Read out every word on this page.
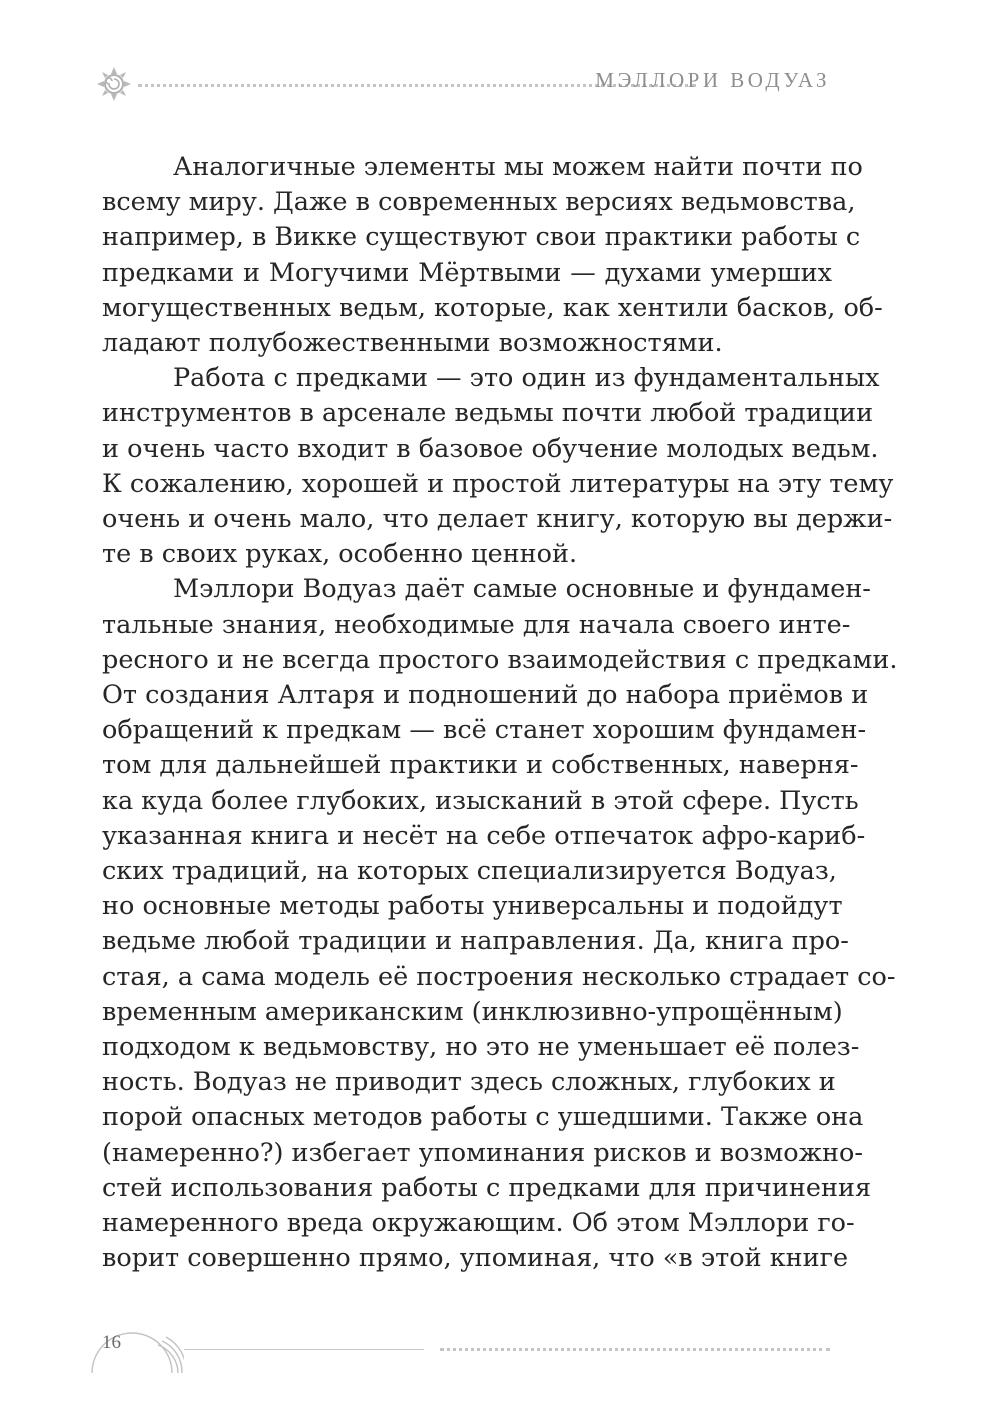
МЭЛЛОРИ ВОДУАЗ

Аналогичные элементы мы можем найти почти по
всему миру. Даже в современных версиях ведьмовства,
например, в Викке существуют свои практики работы с
предками и Могучими Мёртвыми — духами умерших
могущественных ведьм, которые, как хентили басков, об-
ладают полубожественными возможностями.

Работа с предками — это один из фундаментальных
инструментов в арсенале ведьмы почти любой традиции
и очень часто входит в базовое обучение молодых ведьм.
К сожалению, хорошей и простой литературы на эту тему
очень и очень мало, что делает книгу, которую вы держи-
те в своих руках, особенно ценной.

Мэллори Водуаз даёт самые основные и фундамен-
тальные знания, необходимые для начала своего инте-
ресного и не всегда простого взаимодействия с предками.
От создания Алтаря и подношений до набора приёмов и
обращений к предкам — всё станет хорошим фундамен-
том для дальнейшей практики и собственных, наверня-
ка куда более глубоких, изысканий в этой сфере. Пусть
указанная книга и несёт на себе отпечаток афро-кариб-
ских традиций, на которых специализируется Водуаз,
но основные методы работы универсальны и подойдут
ведьме любой традиции и направления. Да, книга про-
стая, а сама модель её построения несколько страдает со-
временным американским (инклюзивно-упрощённым)
подходом к ведьмовству, но это не уменьшает её полез-
ность. Водуаз не приводит здесь сложных, глубоких и
порой опасных методов работы с ушедшими. Также она
(намеренно?) избегает упоминания рисков и возможно-
стей использования работы с предками для причинения
намеренного вреда окружающим. Об этом Мэллори го-
ворит совершенно прямо, упоминая, что «в этой книге

16
